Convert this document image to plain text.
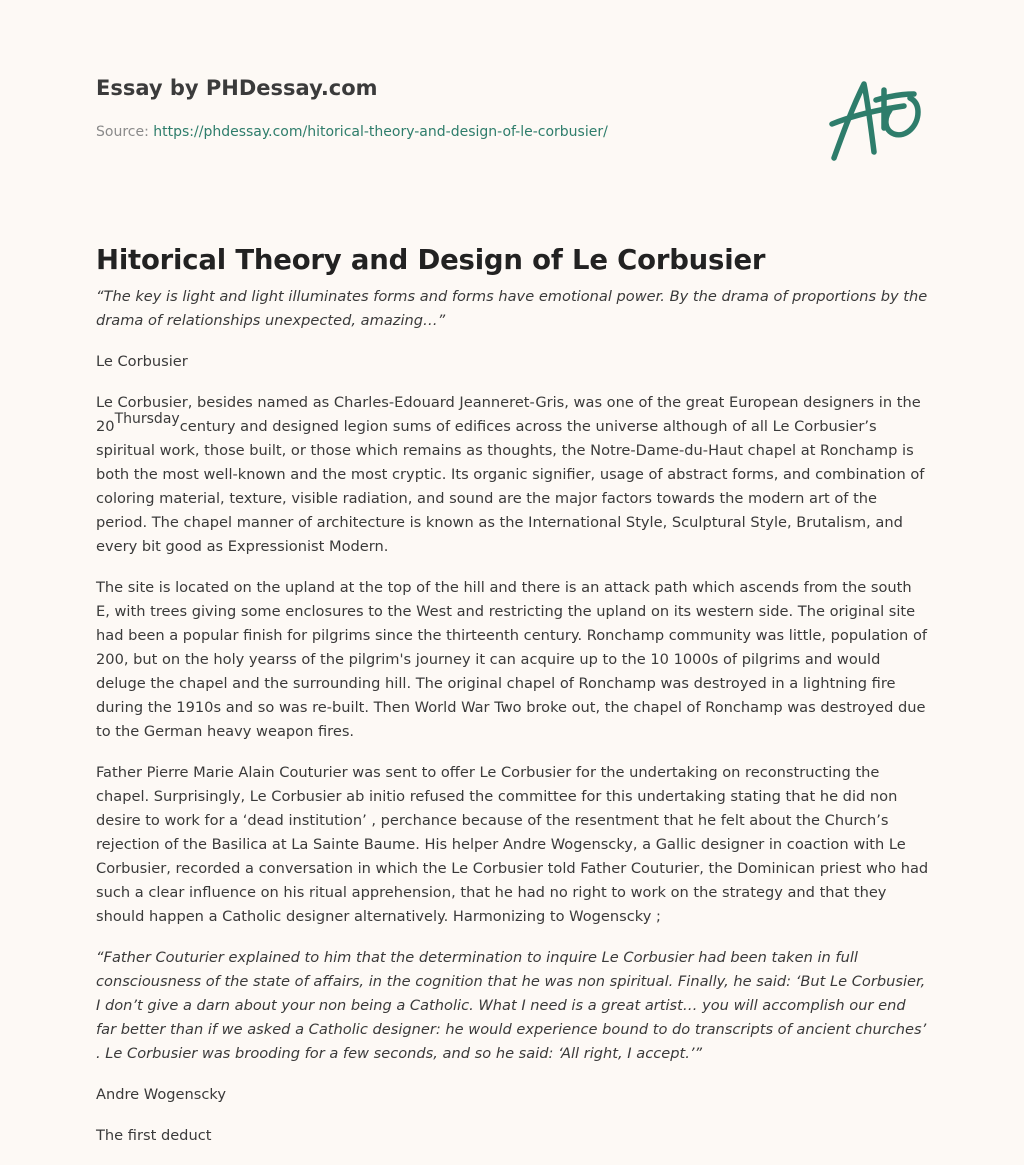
Essay by PHDessay.com
Source: https://phdessay.com/hitorical-theory-and-design-of-le-corbusier/
Hitorical Theory and Design of Le Corbusier

“The key is light and light illuminates forms and forms have emotional power. By the drama of proportions by the drama of relationships unexpected, amazing…”

Le Corbusier

Le Corbusier, besides named as Charles-Edouard Jeanneret-Gris, was one of the great European designers in the $20^{Thursday}century$ and designed legion sums of edifices across the universe although of all Le Corbusier’s spiritual work, those built, or those which remains as thoughts, the Notre-Dame-du-Haut chapel at Ronchamp is both the most well-known and the most cryptic. Its organic signifier, usage of abstract forms, and combination of coloring material, texture, visible radiation, and sound are the major factors towards the modern art of the period. The chapel manner of architecture is known as the International Style, Sculptural Style, Brutalism, and every bit good as Expressionist Modern.

The site is located on the upland at the top of the hill and there is an attack path which ascends from the south E, with trees giving some enclosures to the West and restricting the upland on its western side. The original site had been a popular finish for pilgrims since the thirteenth century. Ronchamp community was little, population of 200, but on the holy yearss of the pilgrim's journey it can acquire up to the 10 1000s of pilgrims and would deluge the chapel and the surrounding hill. The original chapel of Ronchamp was destroyed in a lightning fire during the 1910s and so was re-built. Then World War Two broke out, the chapel of Ronchamp was destroyed due to the German heavy weapon fires.

Father Pierre Marie Alain Couturier was sent to offer Le Corbusier for the undertaking on reconstructing the chapel. Surprisingly, Le Corbusier ab initio refused the committee for this undertaking stating that he did non desire to work for a ‘dead institution’ , perchance because of the resentment that he felt about the Church’s rejection of the Basilica at La Sainte Baume. His helper Andre Wogenscky, a Gallic designer in coaction with Le Corbusier, recorded a conversation in which the Le Corbusier told Father Couturier, the Dominican priest who had such a clear influence on his ritual apprehension, that he had no right to work on the strategy and that they should happen a Catholic designer alternatively. Harmonizing to Wogenscky ;

“Father Couturier explained to him that the determination to inquire Le Corbusier had been taken in full consciousness of the state of affairs, in the cognition that he was non spiritual. Finally, he said: ‘But Le Corbusier, I don’t give a darn about your non being a Catholic. What I need is a great artist… you will accomplish our end far better than if we asked a Catholic designer: he would experience bound to do transcripts of ancient churches’ . Le Corbusier was brooding for a few seconds, and so he said: ‘All right, I accept.’”

Andre Wogenscky

The first deduct
